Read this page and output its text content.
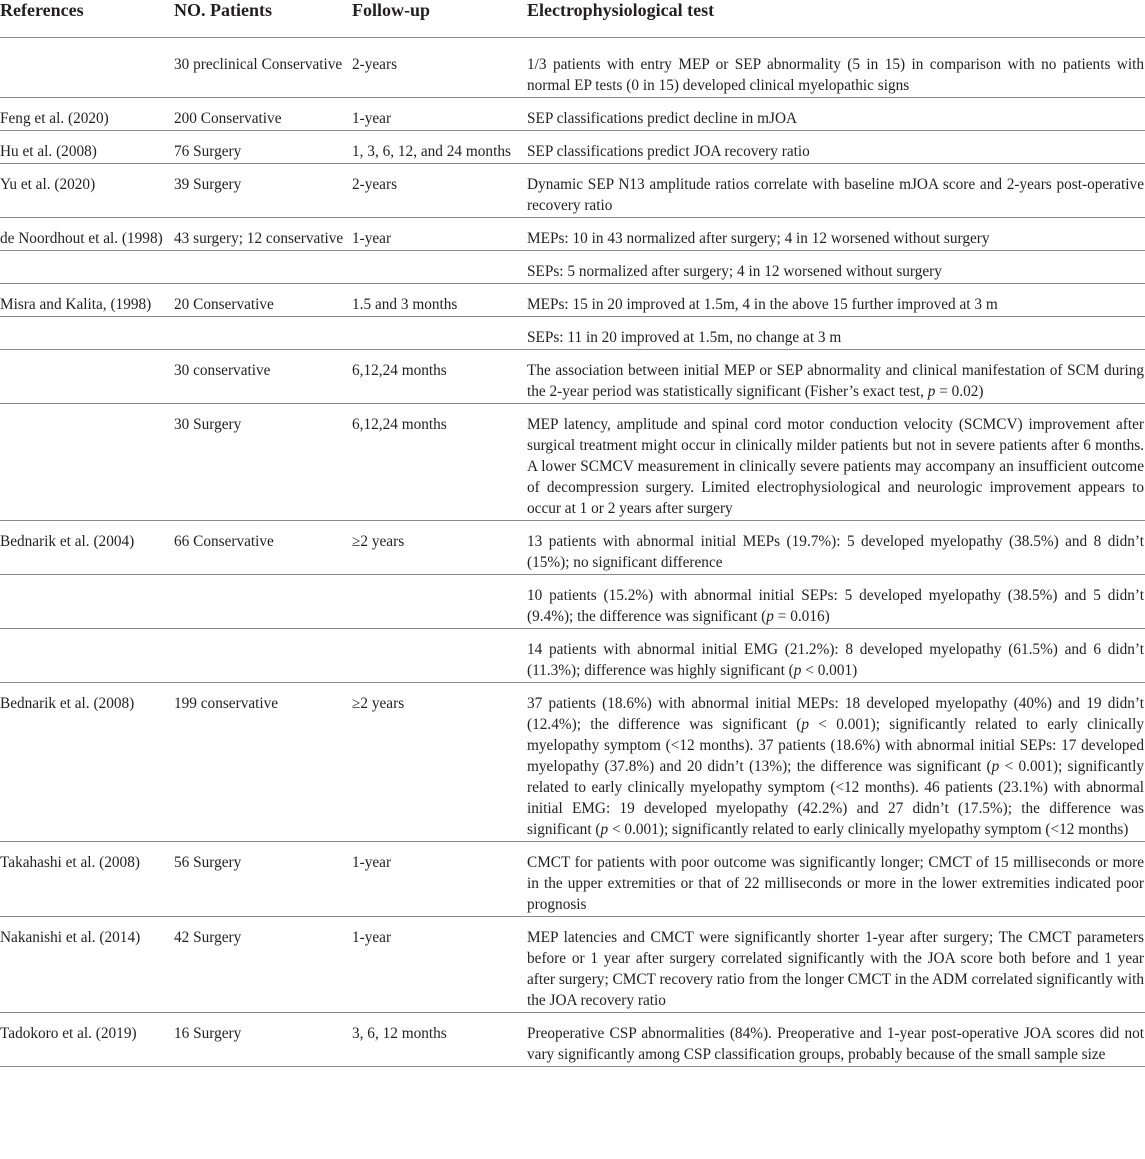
References	NO. Patients	Follow-up	Electrophysiological test

	30 preclinical Conservative	2-years	1/3 patients with entry MEP or SEP abnormality (5 in 15) in comparison with no patients with normal EP tests (0 in 15) developed clinical myelopathic signs
Feng et al. (2020)	200 Conservative	1-year	SEP classifications predict decline in mJOA
Hu et al. (2008)	76 Surgery	1, 3, 6, 12, and 24 months	SEP classifications predict JOA recovery ratio
Yu et al. (2020)	39 Surgery	2-years	Dynamic SEP N13 amplitude ratios correlate with baseline mJOA score and 2-years post-operative recovery ratio
de Noordhout et al. (1998)	43 surgery; 12 conservative	1-year	MEPs: 10 in 43 normalized after surgery; 4 in 12 worsened without surgery
			SEPs: 5 normalized after surgery; 4 in 12 worsened without surgery
Misra and Kalita, (1998)	20 Conservative	1.5 and 3 months	MEPs: 15 in 20 improved at 1.5m, 4 in the above 15 further improved at 3 m
			SEPs: 11 in 20 improved at 1.5m, no change at 3 m
	30 conservative	6,12,24 months	The association between initial MEP or SEP abnormality and clinical manifestation of SCM during the 2-year period was statistically significant (Fisher’s exact test, p = 0.02)
	30 Surgery	6,12,24 months	MEP latency, amplitude and spinal cord motor conduction velocity (SCMCV) improvement after surgical treatment might occur in clinically milder patients but not in severe patients after 6 months. A lower SCMCV measurement in clinically severe patients may accompany an insufficient outcome of decompression surgery. Limited electrophysiological and neurologic improvement appears to occur at 1 or 2 years after surgery
Bednarik et al. (2004)	66 Conservative	≥2 years	13 patients with abnormal initial MEPs (19.7%): 5 developed myelopathy (38.5%) and 8 didn’t (15%); no significant difference
			10 patients (15.2%) with abnormal initial SEPs: 5 developed myelopathy (38.5%) and 5 didn’t (9.4%); the difference was significant (p = 0.016)
			14 patients with abnormal initial EMG (21.2%): 8 developed myelopathy (61.5%) and 6 didn’t (11.3%); difference was highly significant (p < 0.001)
Bednarik et al. (2008)	199 conservative	≥2 years	37 patients (18.6%) with abnormal initial MEPs: 18 developed myelopathy (40%) and 19 didn’t (12.4%); the difference was significant (p < 0.001); significantly related to early clinically myelopathy symptom (<12 months). 37 patients (18.6%) with abnormal initial SEPs: 17 developed myelopathy (37.8%) and 20 didn’t (13%); the difference was significant (p < 0.001); significantly related to early clinically myelopathy symptom (<12 months). 46 patients (23.1%) with abnormal initial EMG: 19 developed myelopathy (42.2%) and 27 didn’t (17.5%); the difference was significant (p < 0.001); significantly related to early clinically myelopathy symptom (<12 months)
Takahashi et al. (2008)	56 Surgery	1-year	CMCT for patients with poor outcome was significantly longer; CMCT of 15 milliseconds or more in the upper extremities or that of 22 milliseconds or more in the lower extremities indicated poor prognosis
Nakanishi et al. (2014)	42 Surgery	1-year	MEP latencies and CMCT were significantly shorter 1-year after surgery; The CMCT parameters before or 1 year after surgery correlated significantly with the JOA score both before and 1 year after surgery; CMCT recovery ratio from the longer CMCT in the ADM correlated significantly with the JOA recovery ratio
Tadokoro et al. (2019)	16 Surgery	3, 6, 12 months	Preoperative CSP abnormalities (84%). Preoperative and 1-year post-operative JOA scores did not vary significantly among CSP classification groups, probably because of the small sample size
